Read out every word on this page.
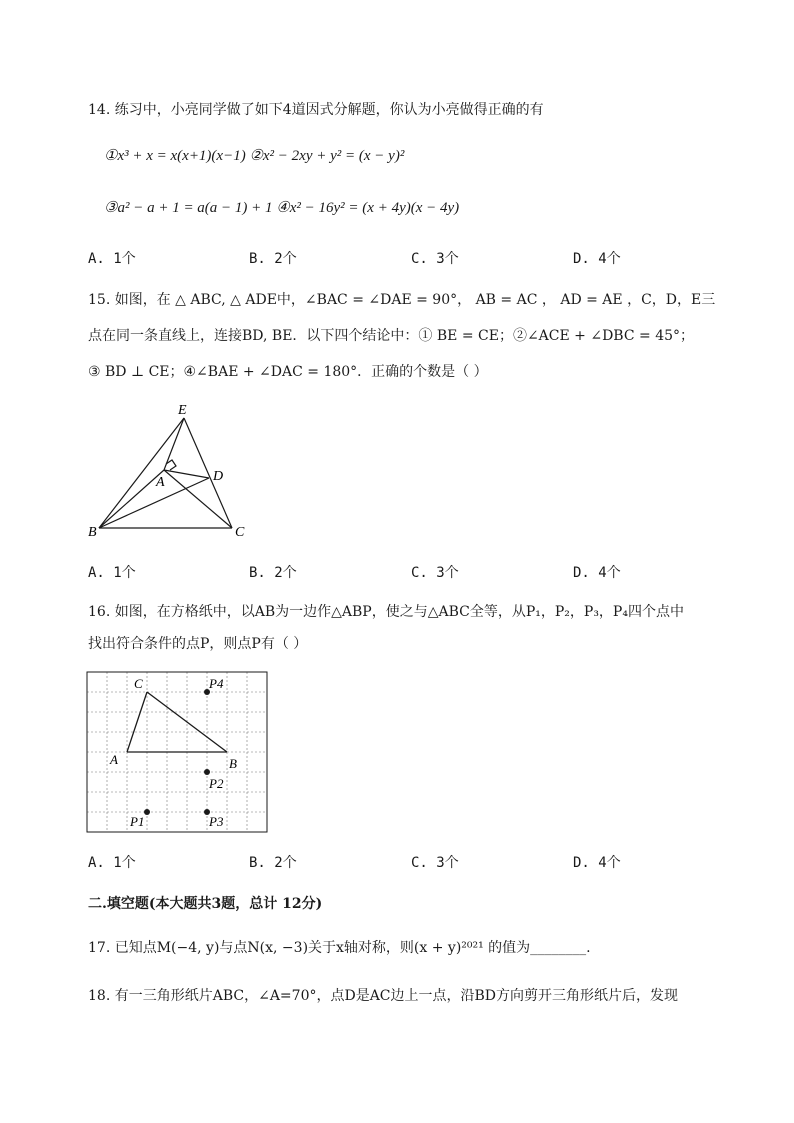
14. 练习中，小亮同学做了如下4道因式分解题，你认为小亮做得正确的有
①x³ + x = x(x+1)(x−1) ②x² − 2xy + y² = (x − y)²
③a² − a + 1 = a(a − 1) + 1 ④x² − 16y² = (x + 4y)(x − 4y)
A. 1个	B. 2个	C. 3个	D. 4个
15. 如图，在 △ ABC, △ ADE中，∠BAC = ∠DAE = 90°， AB = AC ， AD = AE ，C，D，E三
点在同一条直线上，连接BD, BE．以下四个结论中：① BE = CE；②∠ACE + ∠DBC = 45°；
③ BD ⊥ CE；④∠BAE + ∠DAC = 180°．正确的个数是（ ）
E
D
A
B	C
A. 1个	B. 2个	C. 3个	D. 4个
16. 如图，在方格纸中，以AB为一边作△ABP，使之与△ABC全等，从P₁，P₂，P₃，P₄四个点中
找出符合条件的点P，则点P有（ ）
C
A	B
P4
P2
P3
P1
A. 1个	B. 2个	C. 3个	D. 4个
二.填空题(本大题共3题，总计 12分)
17. 已知点M(−4, y)与点N(x, −3)关于x轴对称，则(x + y)²⁰²¹ 的值为________.
18. 有一三角形纸片ABC，∠A=70°，点D是AC边上一点，沿BD方向剪开三角形纸片后，发现
